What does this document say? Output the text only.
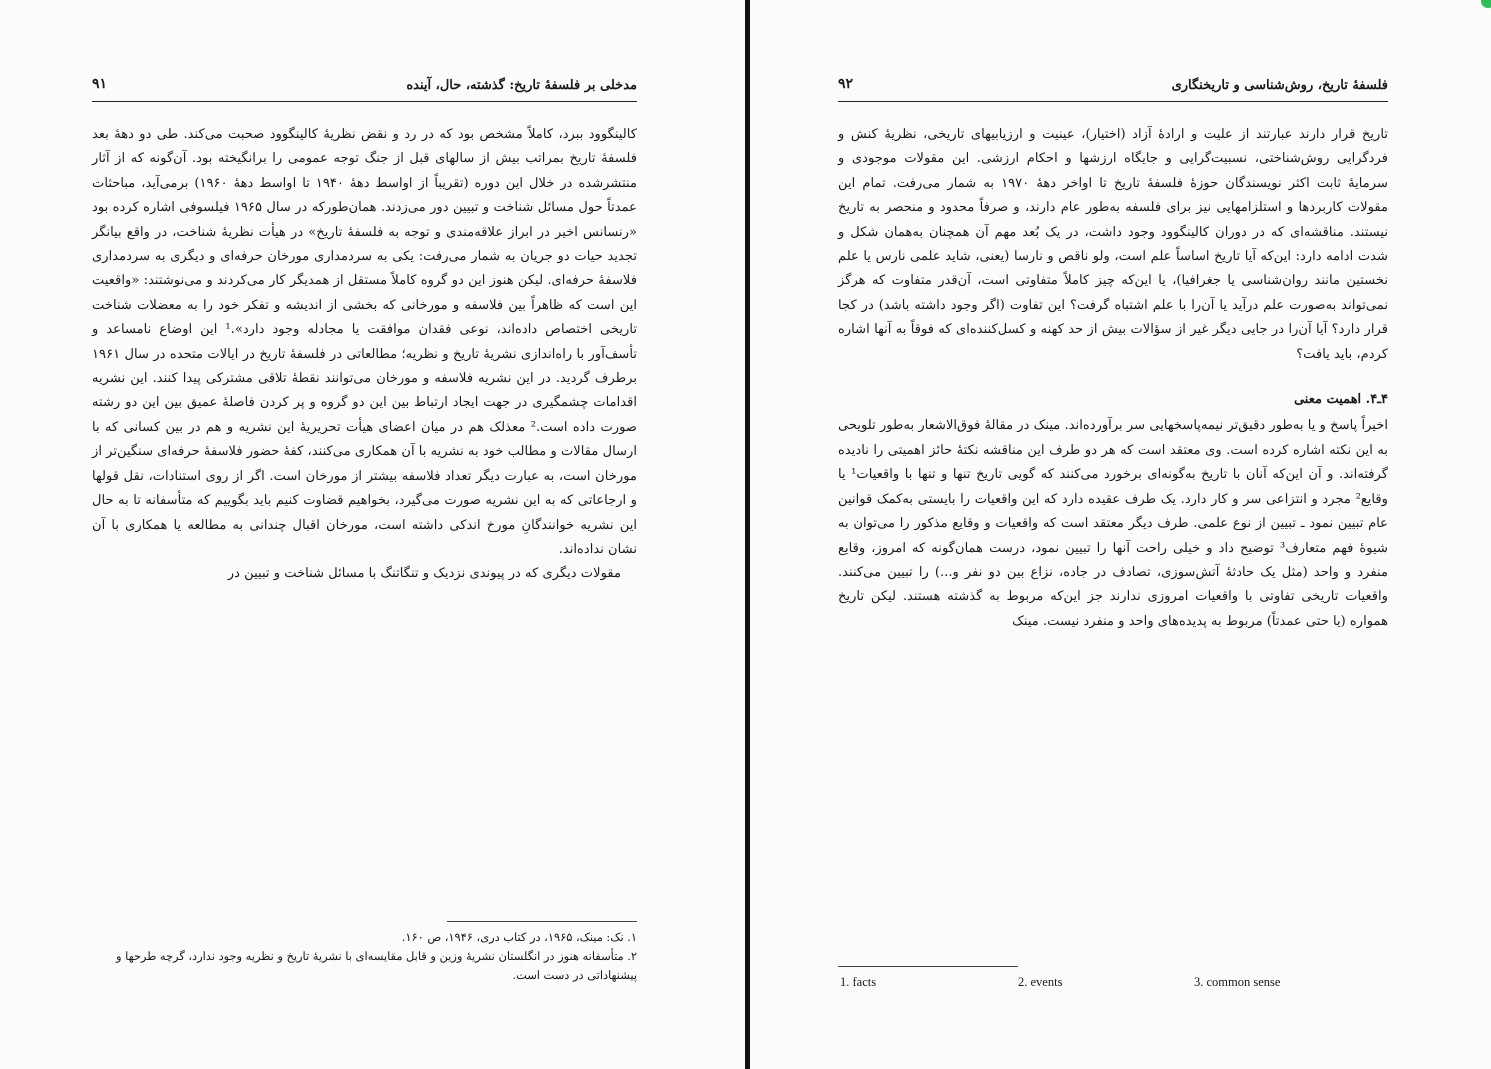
مدخلی بر فلسفهٔ تاریخ: گذشته، حال، آینده
۹۱

کالینگوود ببرد، کاملاً مشخص بود که در رد و نقض نظریهٔ کالینگوود صحبت می‌کند. طی دو دههٔ بعد فلسفهٔ تاریخ بمراتب بیش از سالهای قبل از جنگ توجه عمومی را برانگیخته بود. آن‌گونه که از آثار منتشرشده در خلال این دوره (تقریباً از اواسط دههٔ ۱۹۴۰ تا اواسط دههٔ ۱۹۶۰) برمی‌آید، مباحثات عمدتاً حول مسائل شناخت و تبیین دور می‌زدند. همان‌طورکه در سال ۱۹۶۵ فیلسوفی اشاره کرده بود «رنسانس اخیر در ابراز علاقه‌مندی و توجه به فلسفهٔ تاریخ» در هیأت نظریهٔ شناخت، در واقع بیانگر تجدید حیات دو جریان به شمار می‌رفت: یکی به سردمداری مورخان حرفه‌ای و دیگری به سردمداری فلاسفهٔ حرفه‌ای. لیکن هنوز این دو گروه کاملاً مستقل از همدیگر کار می‌کردند و می‌نوشتند: «واقعیت این است که ظاهراً بین فلاسفه و مورخانی که بخشی از اندیشه و تفکر خود را به معضلات شناخت تاریخی اختصاص داده‌اند، نوعی فقدان موافقت یا مجادله وجود دارد».¹ این اوضاع نامساعد و تأسف‌آور با راه‌اندازی نشریهٔ تاریخ و نظریه؛ مطالعاتی در فلسفهٔ تاریخ در ایالات متحده در سال ۱۹۶۱ برطرف گردید. در این نشریه فلاسفه و مورخان می‌توانند نقطهٔ تلاقی مشترکی پیدا کنند. این نشریه اقدامات چشمگیری در جهت ایجاد ارتباط بین این دو گروه و پر کردن فاصلهٔ عمیق بین این دو رشته صورت داده است.² معذلک هم در میان اعضای هیأت تحریریهٔ این نشریه و هم در بین کسانی که با ارسال مقالات و مطالب خود به نشریه با آن همکاری می‌کنند، کفهٔ حضور فلاسفهٔ حرفه‌ای سنگین‌تر از مورخان است، به عبارت دیگر تعداد فلاسفه بیشتر از مورخان است. اگر از روی استنادات، نقل قولها و ارجاعاتی که به این نشریه صورت می‌گیرد، بخواهیم قضاوت کنیم باید بگوییم که متأسفانه تا به حال این نشریه خوانندگانِ مورخ اندکی داشته است، مورخان اقبال چندانی به مطالعه یا همکاری با آن نشان نداده‌اند.

مقولات دیگری که در پیوندی نزدیک و تنگاتنگ با مسائل شناخت و تبیین در

۱. نک: مینک، ۱۹۶۵، در کتاب دری، ۱۹۴۶، ص ۱۶۰.

۲. متأسفانه هنوز در انگلستان نشریهٔ وزین و قابل مقایسه‌ای با نشریهٔ تاریخ و نظریه وجود ندارد، گرچه طرحها و پیشنهاداتی در دست است.

فلسفهٔ تاریخ، روش‌شناسی و تاریخنگاری
۹۲

تاریخ قرار دارند عبارتند از علیت و ارادهٔ آزاد (اختیار)، عینیت و ارزیابیهای تاریخی، نظریهٔ کنش و فردگرایی روش‌شناختی، نسبیت‌گرایی و جایگاه ارزشها و احکام ارزشی. این مقولات موجودی و سرمایهٔ ثابت اکثر نویسندگان حوزهٔ فلسفهٔ تاریخ تا اواخر دههٔ ۱۹۷۰ به شمار می‌رفت. تمام این مقولات کاربردها و استلزامهایی نیز برای فلسفه به‌طور عام دارند، و صرفاً محدود و منحصر به تاریخ نیستند. مناقشه‌ای که در دوران کالینگوود وجود داشت، در یک بُعد مهم آن همچنان به‌همان شکل و شدت ادامه دارد: این‌که آیا تاریخ اساساً علم است، ولو ناقص و نارسا (یعنی، شاید علمی نارس یا علم نخستین مانند روان‌شناسی یا جغرافیا)، یا این‌که چیز کاملاً متفاوتی است، آن‌قدر متفاوت که هرگز نمی‌تواند به‌صورت علم درآید یا آن‌را با علم اشتباه گرفت؟ این تفاوت (اگر وجود داشته باشد) در کجا قرار دارد؟ آیا آن‌را در جایی دیگر غیر از سؤالات بیش از حد کهنه و کسل‌کننده‌ای که فوقاً به آنها اشاره کردم، باید یافت؟

۴ـ۴. اهمیت معنی

اخیراً پاسخ و یا به‌طور دقیق‌تر نیمه‌پاسخهایی سر برآورده‌اند. مینک در مقالهٔ فوق‌الاشعار به‌طور تلویحی به این نکته اشاره کرده است. وی معتقد است که هر دو طرف این مناقشه نکتهٔ حائز اهمیتی را نادیده گرفته‌اند. و آن این‌که آنان با تاریخ به‌گونه‌ای برخورد می‌کنند که گویی تاریخ تنها و تنها با واقعیات¹ یا وقایع² مجرد و انتزاعی سر و کار دارد. یک طرف عقیده دارد که این واقعیات را بایستی به‌کمک قوانین عام تبیین نمود ـ تبیین از نوع علمی. طرف دیگر معتقد است که واقعیات و وقایع مذکور را می‌توان به شیوهٔ فهم متعارف³ توضیح داد و خیلی راحت آنها را تبیین نمود، درست همان‌گونه که امروز، وقایع منفرد و واحد (مثل یک حادثهٔ آتش‌سوزی، تصادف در جاده، نزاع بین دو نفر و...) را تبیین می‌کنند. واقعیات تاریخی تفاوتی با واقعیات امروزی ندارند جز این‌که مربوط به گذشته هستند. لیکن تاریخ همواره (یا حتی عمدتاً) مربوط به پدیده‌های واحد و منفرد نیست. مینک

1. facts	2. events	3. common sense
